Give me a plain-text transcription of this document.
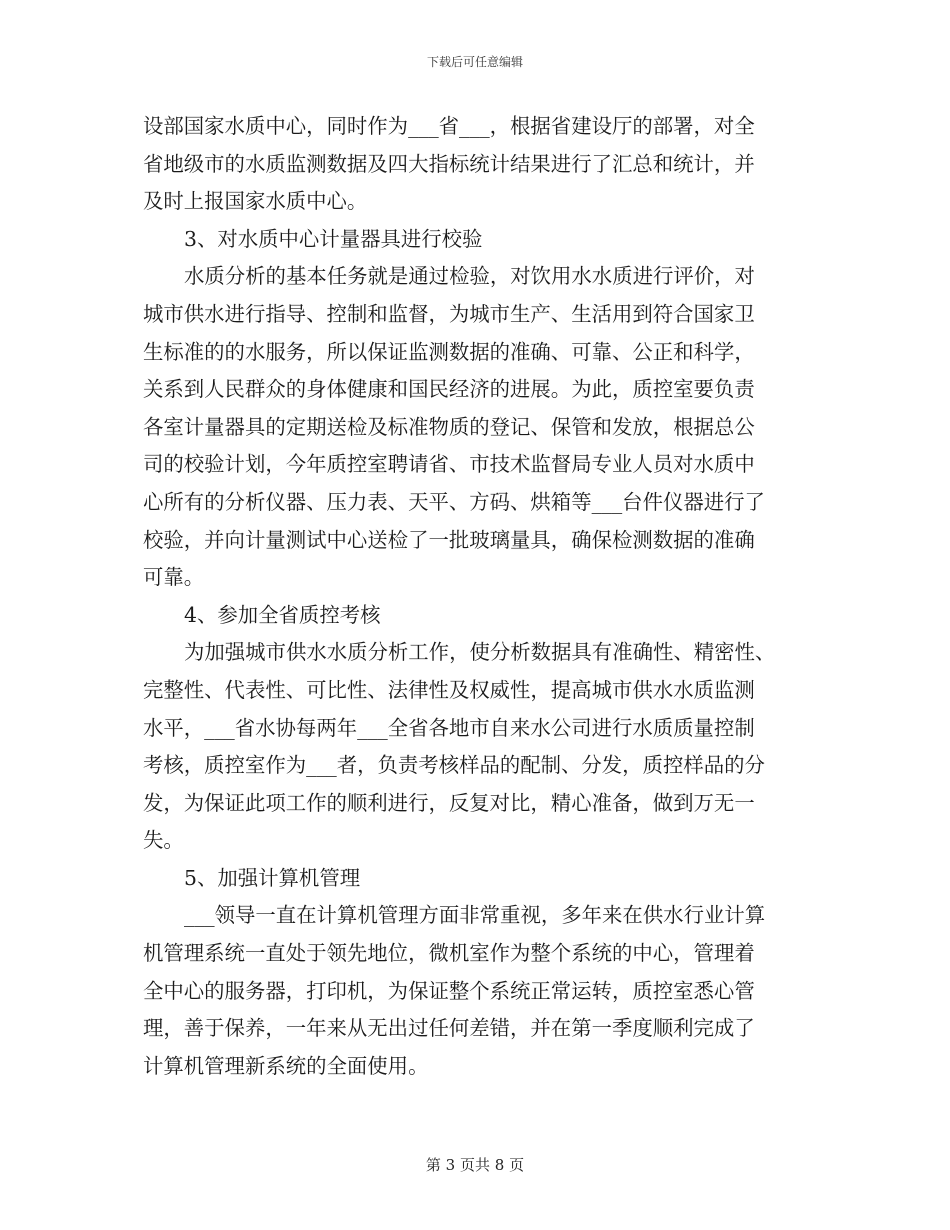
下载后可任意编辑
设部国家水质中心，同时作为___省___，根据省建设厅的部署，对全
省地级市的水质监测数据及四大指标统计结果进行了汇总和统计，并
及时上报国家水质中心。
3、对水质中心计量器具进行校验
水质分析的基本任务就是通过检验，对饮用水水质进行评价，对
城市供水进行指导、控制和监督，为城市生产、生活用到符合国家卫
生标准的的水服务，所以保证监测数据的准确、可靠、公正和科学，
关系到人民群众的身体健康和国民经济的进展。为此，质控室要负责
各室计量器具的定期送检及标准物质的登记、保管和发放，根据总公
司的校验计划，今年质控室聘请省、市技术监督局专业人员对水质中
心所有的分析仪器、压力表、天平、方码、烘箱等___台件仪器进行了
校验，并向计量测试中心送检了一批玻璃量具，确保检测数据的准确
可靠。
4、参加全省质控考核
为加强城市供水水质分析工作，使分析数据具有准确性、精密性、
完整性、代表性、可比性、法律性及权威性，提高城市供水水质监测
水平，___省水协每两年___全省各地市自来水公司进行水质质量控制
考核，质控室作为___者，负责考核样品的配制、分发，质控样品的分
发，为保证此项工作的顺利进行，反复对比，精心准备，做到万无一
失。
5、加强计算机管理
___领导一直在计算机管理方面非常重视，多年来在供水行业计算
机管理系统一直处于领先地位，微机室作为整个系统的中心，管理着
全中心的服务器，打印机，为保证整个系统正常运转，质控室悉心管
理，善于保养，一年来从无出过任何差错，并在第一季度顺利完成了
计算机管理新系统的全面使用。
第 3 页共 8 页
